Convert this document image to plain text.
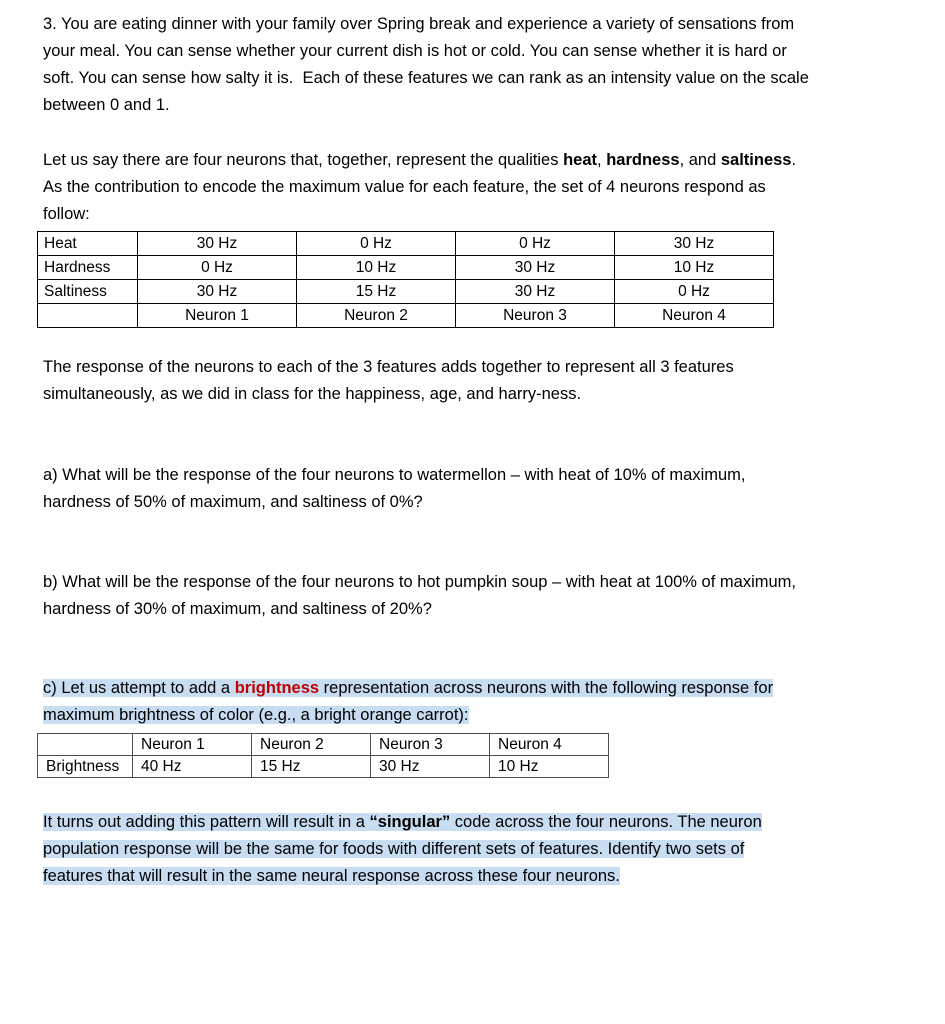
3. You are eating dinner with your family over Spring break and experience a variety of sensations from
your meal. You can sense whether your current dish is hot or cold. You can sense whether it is hard or
soft. You can sense how salty it is.  Each of these features we can rank as an intensity value on the scale
between 0 and 1.
Let us say there are four neurons that, together, represent the qualities heat, hardness, and saltiness.
As the contribution to encode the maximum value for each feature, the set of 4 neurons respond as
follow:
Heat	30 Hz	0 Hz	0 Hz	30 Hz
Hardness	0 Hz	10 Hz	30 Hz	10 Hz
Saltiness	30 Hz	15 Hz	30 Hz	0 Hz
	Neuron 1	Neuron 2	Neuron 3	Neuron 4
The response of the neurons to each of the 3 features adds together to represent all 3 features
simultaneously, as we did in class for the happiness, age, and harry-ness.
a) What will be the response of the four neurons to watermellon – with heat of 10% of maximum,
hardness of 50% of maximum, and saltiness of 0%?
b) What will be the response of the four neurons to hot pumpkin soup – with heat at 100% of maximum,
hardness of 30% of maximum, and saltiness of 20%?
c) Let us attempt to add a brightness representation across neurons with the following response for
maximum brightness of color (e.g., a bright orange carrot):
	Neuron 1	Neuron 2	Neuron 3	Neuron 4
Brightness	40 Hz	15 Hz	30 Hz	10 Hz
It turns out adding this pattern will result in a “singular” code across the four neurons. The neuron
population response will be the same for foods with different sets of features. Identify two sets of
features that will result in the same neural response across these four neurons.
